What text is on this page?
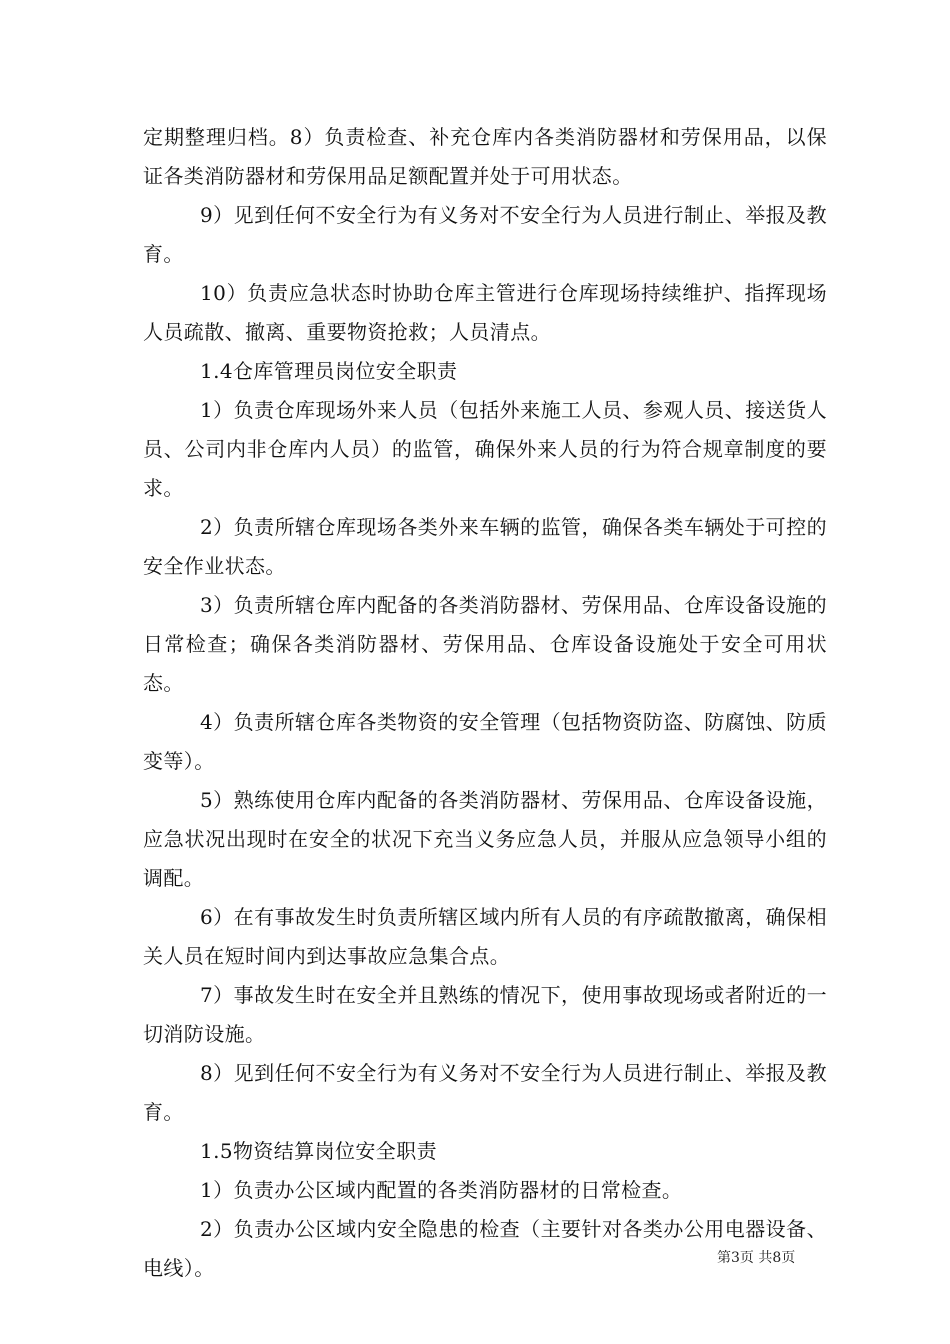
定期整理归档。8）负责检查、补充仓库内各类消防器材和劳保用品，以保证各类消防器材和劳保用品足额配置并处于可用状态。

9）见到任何不安全行为有义务对不安全行为人员进行制止、举报及教育。

10）负责应急状态时协助仓库主管进行仓库现场持续维护、指挥现场人员疏散、撤离、重要物资抢救；人员清点。

1.4仓库管理员岗位安全职责

1）负责仓库现场外来人员（包括外来施工人员、参观人员、接送货人员、公司内非仓库内人员）的监管，确保外来人员的行为符合规章制度的要求。

2）负责所辖仓库现场各类外来车辆的监管，确保各类车辆处于可控的安全作业状态。

3）负责所辖仓库内配备的各类消防器材、劳保用品、仓库设备设施的日常检查；确保各类消防器材、劳保用品、仓库设备设施处于安全可用状态。

4）负责所辖仓库各类物资的安全管理（包括物资防盗、防腐蚀、防质变等）。

5）熟练使用仓库内配备的各类消防器材、劳保用品、仓库设备设施，应急状况出现时在安全的状况下充当义务应急人员，并服从应急领导小组的调配。

6）在有事故发生时负责所辖区域内所有人员的有序疏散撤离，确保相关人员在短时间内到达事故应急集合点。

7）事故发生时在安全并且熟练的情况下，使用事故现场或者附近的一切消防设施。

8）见到任何不安全行为有义务对不安全行为人员进行制止、举报及教育。

1.5物资结算岗位安全职责

1）负责办公区域内配置的各类消防器材的日常检查。

2）负责办公区域内安全隐患的检查（主要针对各类办公用电器设备、电线）。	第3页 共8页
